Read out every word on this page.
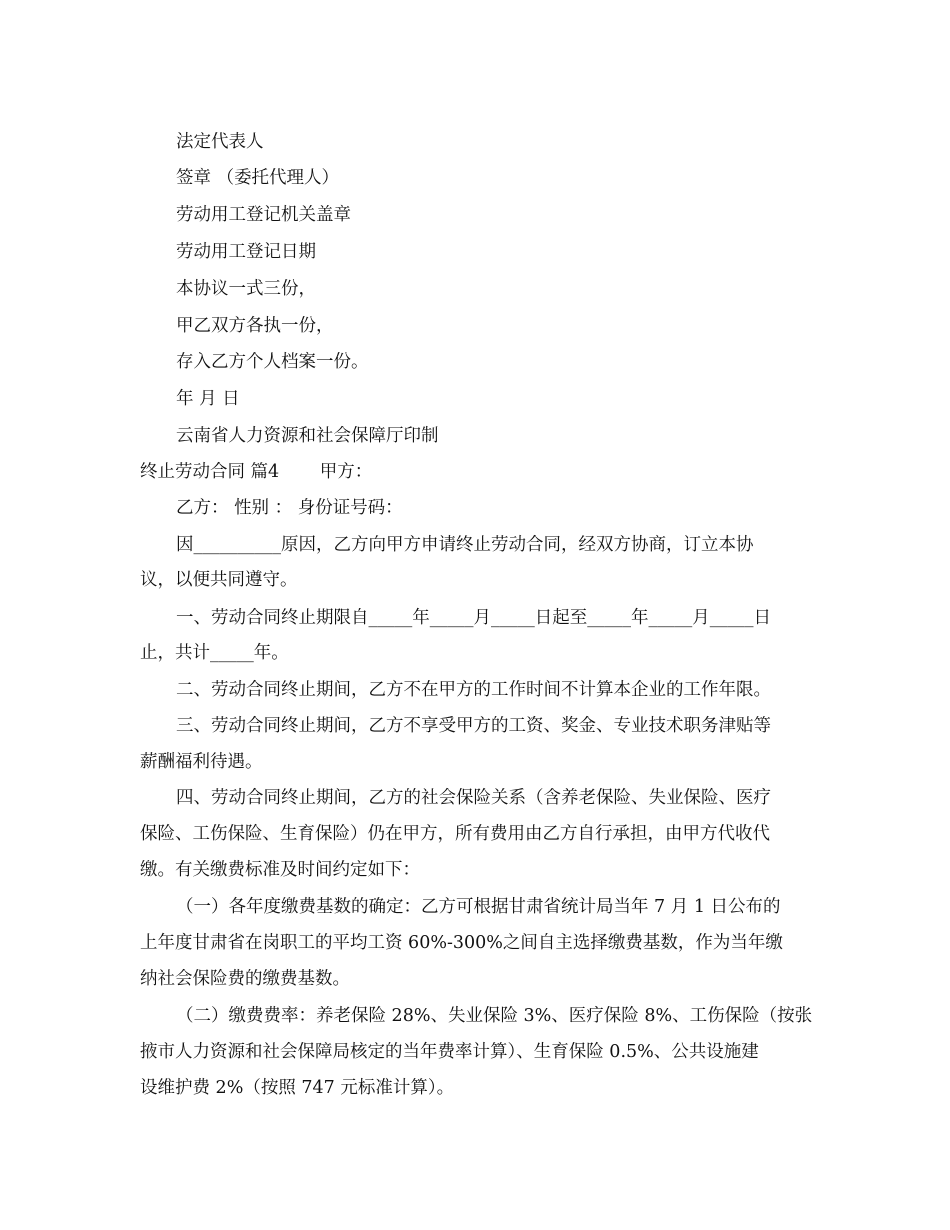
法定代表人
签章 （委托代理人）
劳动用工登记机关盖章
劳动用工登记日期
本协议一式三份，
甲乙双方各执一份，
存入乙方个人档案一份。
年 月 日
云南省人力资源和社会保障厅印制
终止劳动合同 篇4　　 甲方：
乙方： 性别 ： 身份证号码：
因__________原因，乙方向甲方申请终止劳动合同，经双方协商，订立本协
议，以便共同遵守。
一、劳动合同终止期限自_____年_____月_____日起至_____年_____月_____日
止，共计_____年。
二、劳动合同终止期间，乙方不在甲方的工作时间不计算本企业的工作年限。
三、劳动合同终止期间，乙方不享受甲方的工资、奖金、专业技术职务津贴等
薪酬福利待遇。
四、劳动合同终止期间，乙方的社会保险关系（含养老保险、失业保险、医疗
保险、工伤保险、生育保险）仍在甲方，所有费用由乙方自行承担，由甲方代收代
缴。有关缴费标准及时间约定如下：
（一）各年度缴费基数的确定：乙方可根据甘肃省统计局当年 7 月 1 日公布的
上年度甘肃省在岗职工的平均工资 60%-300%之间自主选择缴费基数，作为当年缴
纳社会保险费的缴费基数。
（二）缴费费率：养老保险 28%、失业保险 3%、医疗保险 8%、工伤保险（按张
掖市人力资源和社会保障局核定的当年费率计算）、生育保险 0.5%、公共设施建
设维护费 2%（按照 747 元标准计算）。
